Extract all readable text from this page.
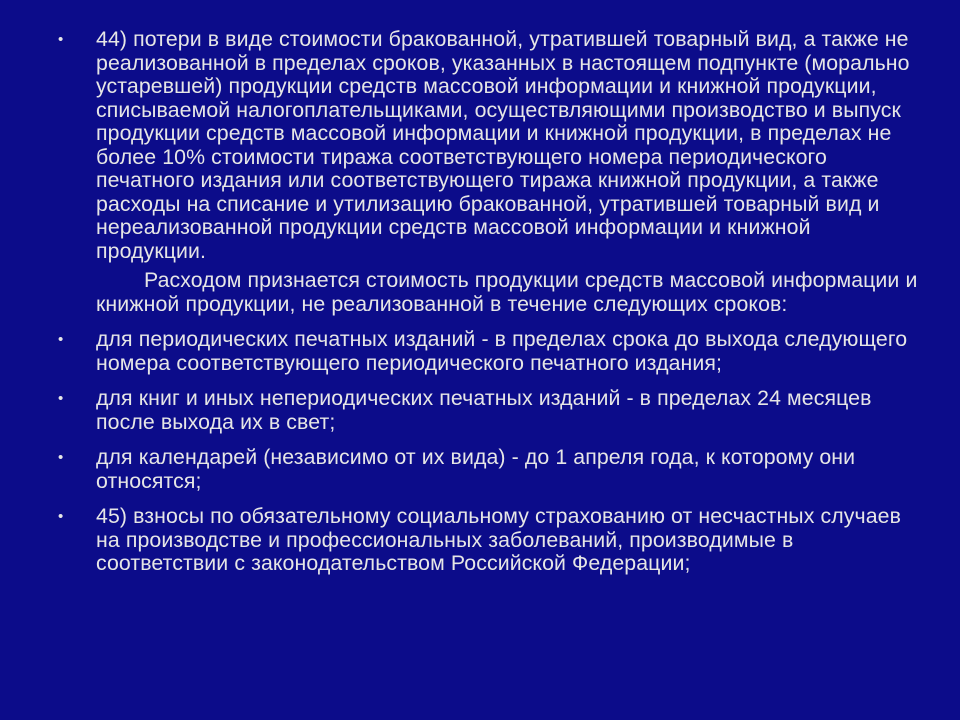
• 44) потери в виде стоимости бракованной, утратившей товарный вид, а также не реализованной в пределах сроков, указанных в настоящем подпункте (морально устаревшей) продукции средств массовой информации и книжной продукции, списываемой налогоплательщиками, осуществляющими производство и выпуск продукции средств массовой информации и книжной продукции, в пределах не более 10% стоимости тиража соответствующего номера периодического печатного издания или соответствующего тиража книжной продукции, а также расходы на списание и утилизацию бракованной, утратившей товарный вид и нереализованной продукции средств массовой информации и книжной продукции.
Расходом признается стоимость продукции средств массовой информации и книжной продукции, не реализованной в течение следующих сроков:
• для периодических печатных изданий - в пределах срока до выхода следующего номера соответствующего периодического печатного издания;
• для книг и иных непериодических печатных изданий - в пределах 24 месяцев после выхода их в свет;
• для календарей (независимо от их вида) - до 1 апреля года, к которому они относятся;
• 45) взносы по обязательному социальному страхованию от несчастных случаев на производстве и профессиональных заболеваний, производимые в соответствии с законодательством Российской Федерации;
